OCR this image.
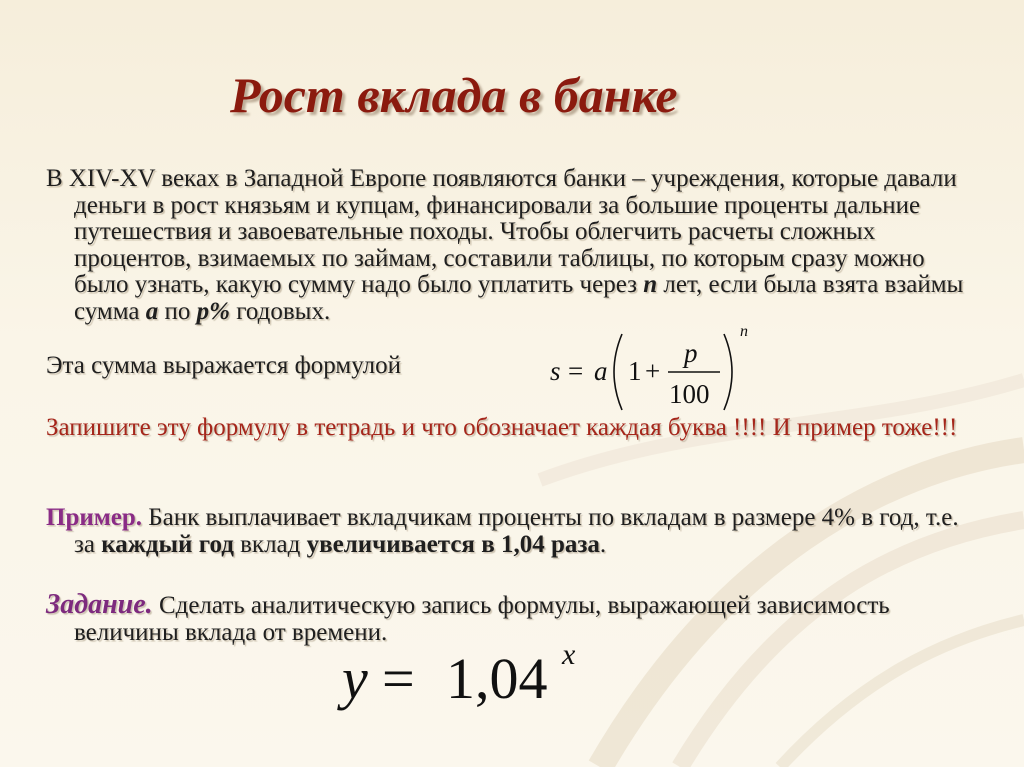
Рост вклада в банке
В XIV-XV веках в Западной Европе появляются банки – учреждения, которые давали деньги в рост князьям и купцам, финансировали за большие проценты дальние путешествия и завоевательные походы. Чтобы облегчить расчеты сложных процентов, взимаемых по займам, составили таблицы, по которым сразу можно было узнать, какую сумму надо было уплатить через n лет, если была взята взаймы сумма a по p% годовых.
Эта сумма выражается формулой	s = a 1 +
p
100
n
Запишите эту формулу в тетрадь и что обозначает каждая буква !!!! И пример тоже!!!
Пример. Банк выплачивает вкладчикам проценты по вкладам в размере 4% в год, т.е. за каждый год вклад увеличивается в 1,04 раза.
Задание. Сделать аналитическую запись формулы, выражающей зависимость величины вклада от времени.
y = 1,04 x
